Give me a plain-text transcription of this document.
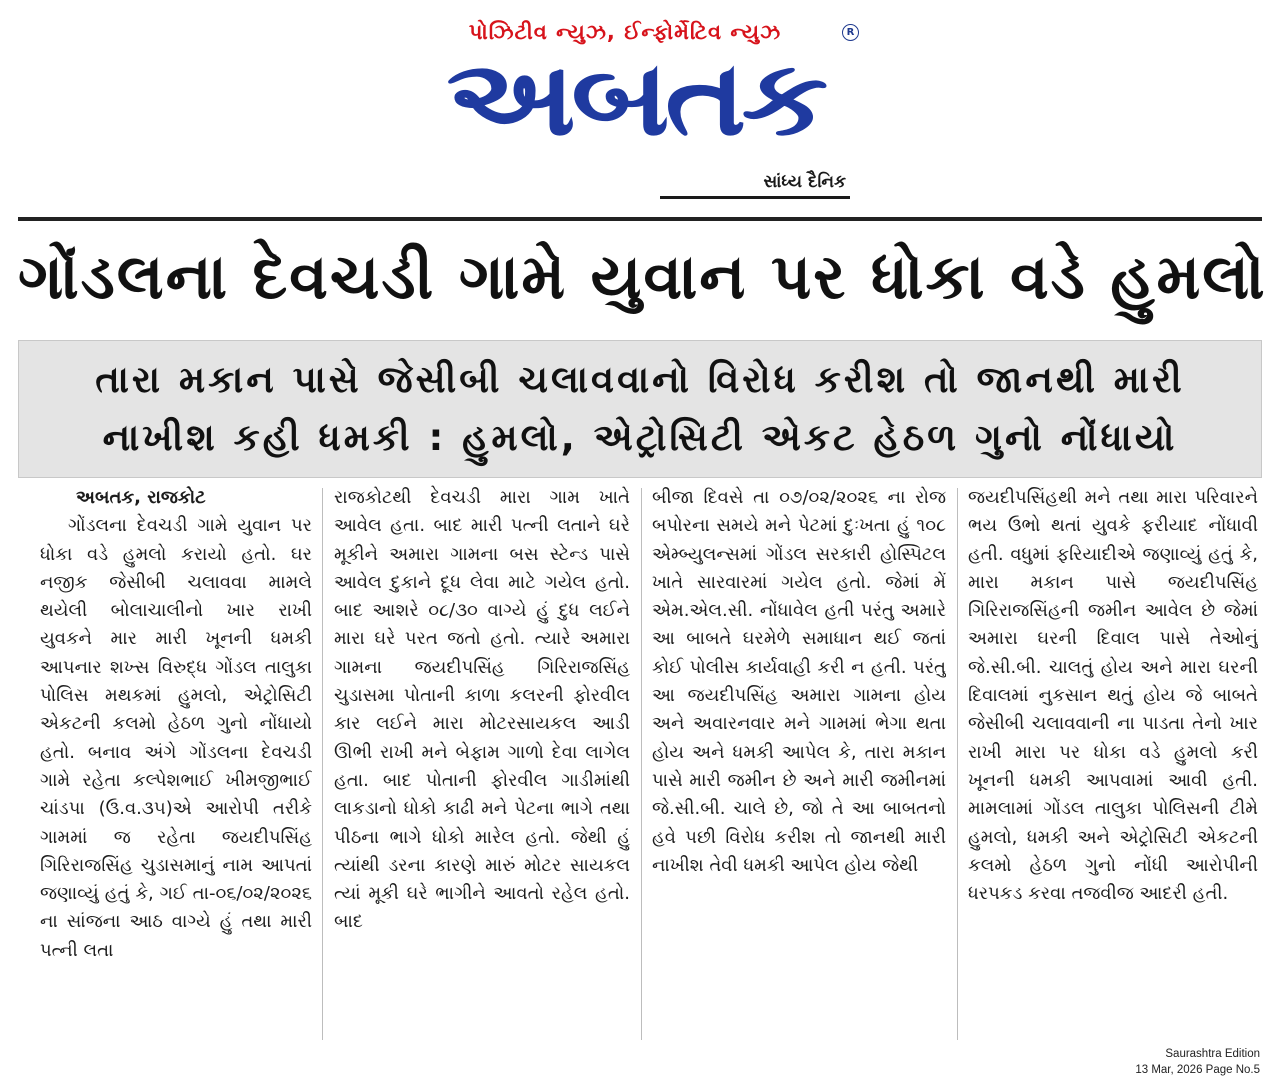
પોઝિટીવ ન્યુઝ, ઈન્ફોર્મેટિવ ન્યુઝ	R
અબતક
સાંધ્ય દૈનિક
ગોંડલના દેવચડી ગામે યુવાન પર ધોકા વડે હુમલો
તારા મકાન પાસે જેસીબી ચલાવવાનો વિરોધ કરીશ તો જાનથી મારી
નાખીશ કહી ધમકી : હુમલો, એટ્રોસિટી એકટ હેઠળ ગુનો નોંધાયો
અબતક, રાજકોટ

ગોંડલના દેવચડી ગામે યુવાન પર ધોકા વડે હુમલો કરાયો હતો. ઘર નજીક જેસીબી ચલાવવા મામલે થયેલી બોલાચાલીનો ખાર રાખી યુવકને માર મારી ખૂનની ધમકી આપનાર શખ્સ વિરુદ્ધ ગોંડલ તાલુકા પોલિસ મથકમાં હુમલો, એટ્રોસિટી એકટની કલમો હેઠળ ગુનો નોંધાયો હતો. બનાવ અંગે ગોંડલના દેવચડી ગામે રહેતા કલ્પેશભાઈ ખીમજીભાઈ ચાંડપા (ઉ.વ.૩૫)એ આરોપી તરીકે ગામમાં જ રહેતા જયદીપસિંહ ગિરિરાજસિંહ ચુડાસમાનું નામ આપતાં જણાવ્યું હતું કે, ગઈ તા-૦૬/૦૨/૨૦૨૬ ના સાંજના આઠ વાગ્યે હું તથા મારી પત્ની લતા

રાજકોટથી દેવચડી મારા ગામ ખાતે આવેલ હતા. બાદ મારી પત્ની લતાને ઘરે મૂકીને અમારા ગામના બસ સ્ટેન્ડ પાસે આવેલ દુકાને દૂધ લેવા માટે ગયેલ હતો. બાદ આશરે ૦૮/૩૦ વાગ્યે હું દુધ લઈને મારા ઘરે પરત જતો હતો. ત્યારે અમારા ગામના જયદીપસિંહ ગિરિરાજસિંહ ચુડાસમા પોતાની કાળા કલરની ફોરવીલ કાર લઈને મારા મોટરસાયકલ આડી ઊભી રાખી મને બેફામ ગાળો દેવા લાગેલ હતા. બાદ પોતાની ફોરવીલ ગાડીમાંથી લાકડાનો ધોકો કાઢી મને પેટના ભાગે તથા પીઠના ભાગે ધોકો મારેલ હતો. જેથી હું ત્યાંથી ડરના કારણે મારું મોટર સાયકલ ત્યાં મૂકી ઘરે ભાગીને આવતો રહેલ હતો. બાદ

બીજા દિવસે તા ૦૭/૦૨/૨૦૨૬ ના રોજ બપોરના સમયે મને પેટમાં દુઃખતા હું ૧૦૮ એમ્બ્યુલન્સમાં ગોંડલ સરકારી હોસ્પિટલ ખાતે સારવારમાં ગયેલ હતો. જેમાં મેં એમ.એલ.સી. નોંધાવેલ હતી પરંતુ અમારે આ બાબતે ઘરમેળે સમાધાન થઈ જતાં કોઈ પોલીસ કાર્યવાહી કરી ન હતી. પરંતુ આ જયદીપસિંહ અમારા ગામના હોય અને અવારનવાર મને ગામમાં ભેગા થતા હોય અને ધમકી આપેલ કે, તારા મકાન પાસે મારી જમીન છે અને મારી જમીનમાં જે.સી.બી. ચાલે છે, જો તે આ બાબતનો હવે પછી વિરોધ કરીશ તો જાનથી મારી નાખીશ તેવી ધમકી આપેલ હોય જેથી

જયદીપસિંહથી મને તથા મારા પરિવારને ભય ઉભો થતાં યુવકે ફરીયાદ નોંધાવી હતી. વધુમાં ફરિયાદીએ જણાવ્યું હતું કે, મારા મકાન પાસે જયદીપસિંહ ગિરિરાજસિંહની જમીન આવેલ છે જેમાં અમારા ઘરની દિવાલ પાસે તેઓનું જે.સી.બી. ચાલતું હોય અને મારા ઘરની દિવાલમાં નુકસાન થતું હોય જે બાબતે જેસીબી ચલાવવાની ના પાડતા તેનો ખાર રાખી મારા પર ધોકા વડે હુમલો કરી ખૂનની ધમકી આપવામાં આવી હતી. મામલામાં ગોંડલ તાલુકા પોલિસની ટીમે હુમલો, ધમકી અને એટ્રોસિટી એકટની કલમો હેઠળ ગુનો નોંધી આરોપીની ધરપકડ કરવા તજવીજ આદરી હતી.

Saurashtra Edition
13 Mar, 2026 Page No.5
